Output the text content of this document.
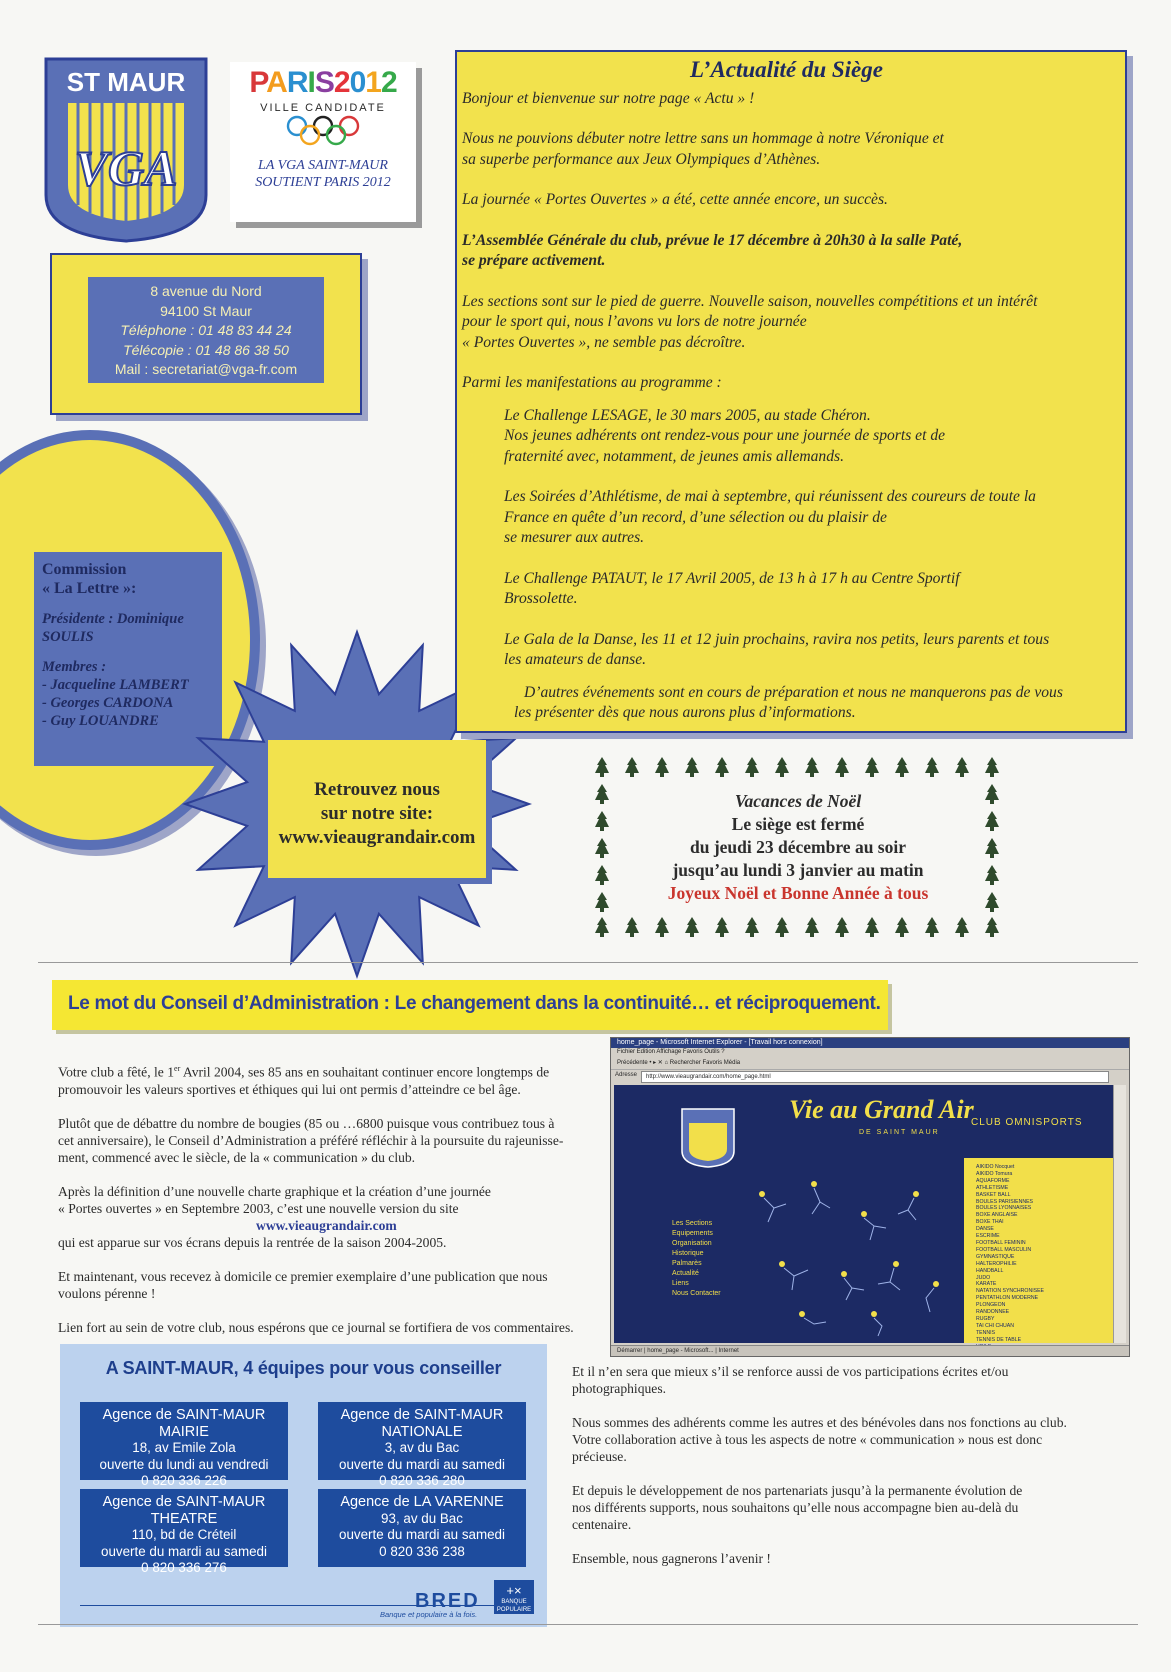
ST MAUR
VGA
PARIS2012
VILLE CANDIDATE
LA VGA SAINT-MAUR
SOUTIENT PARIS 2012
8 avenue du Nord
94100 St Maur
Téléphone : 01 48 83 44 24
Télécopie : 01 48 86 38 50
Mail : secretariat@vga-fr.com
Commission
« La Lettre »:
Présidente : Dominique
SOULIS
Membres :
- Jacqueline LAMBERT
- Georges CARDONA
- Guy LOUANDRE
Retrouvez nous
sur notre site:
www.vieaugrandair.com
L’Actualité du Siège

Bonjour et bienvenue sur notre page « Actu » !

Nous ne pouvions débuter notre lettre sans un hommage à notre Véronique et
sa superbe performance aux Jeux Olympiques d’Athènes.

La journée « Portes Ouvertes » a été, cette année encore, un succès.

L’Assemblée Générale du club, prévue le 17 décembre à 20h30 à la salle Paté,
se prépare activement.

Les sections sont sur le pied de guerre. Nouvelle saison, nouvelles compétitions et un intérêt
pour le sport qui, nous l’avons vu lors de notre journée
« Portes Ouvertes », ne semble pas décroître.

Parmi les manifestations au programme :

Le Challenge LESAGE, le 30 mars 2005, au stade Chéron.
Nos jeunes adhérents ont rendez-vous pour une journée de sports et de
fraternité avec, notamment, de jeunes amis allemands.

Les Soirées d’Athlétisme, de mai à septembre, qui réunissent des coureurs de toute la
France en quête d’un record, d’une sélection ou du plaisir de
se mesurer aux autres.

Le Challenge PATAUT, le 17 Avril 2005, de 13 h à 17 h au Centre Sportif
Brossolette.

Le Gala de la Danse, les 11 et 12 juin prochains, ravira nos petits, leurs parents et tous
les amateurs de danse.

D’autres événements sont en cours de préparation et nous ne manquerons pas de vous
les présenter dès que nous aurons plus d’informations.

Vacances de Noël
Le siège est fermé
du jeudi 23 décembre au soir
jusqu’au lundi 3 janvier au matin
Joyeux Noël et Bonne Année à tous
Le mot du Conseil d’Administration : Le changement dans la continuité… et réciproquement.

Votre club a fêté, le 1er Avril 2004, ses 85 ans en souhaitant continuer encore longtemps de
promouvoir les valeurs sportives et éthiques qui lui ont permis d’atteindre ce bel âge.

Plutôt que de débattre du nombre de bougies (85 ou …6800 puisque vous contribuez tous à
cet anniversaire), le Conseil d’Administration a préféré réfléchir à la poursuite du rajeunisse-
ment, commencé avec le siècle, de la « communication » du club.

Après la définition d’une nouvelle charte graphique et la création d’une journée
« Portes ouvertes » en Septembre 2003, c’est une nouvelle version du site
www.vieaugrandair.com
qui est apparue sur vos écrans depuis la rentrée de la saison 2004-2005.

Et maintenant, vous recevez à domicile ce premier exemplaire d’une publication que nous
voulons pérenne !

Lien fort au sein de votre club, nous espérons que ce journal se fortifiera de vos commentaires.

Et il n’en sera que mieux s’il se renforce aussi de vos participations écrites et/ou
photographiques.

Nous sommes des adhérents comme les autres et des bénévoles dans nos fonctions au club.
Votre collaboration active à tous les aspects de notre « communication » nous est donc
précieuse.

Et depuis le développement de nos partenariats jusqu’à la permanente évolution de
nos différents supports, nous souhaitons qu’elle nous accompagne bien au-delà du
centenaire.

Ensemble, nous gagnerons l’avenir !

home_page - Microsoft Internet Explorer - [Travail hors connexion]
Fichier Edition Affichage Favoris Outils ?
Précédente • ▸ ✕ ⌂ Rechercher Favoris Média
Adresse	http://www.vieaugrandair.com/home_page.html
Vie au Grand Air
DE SAINT MAUR
CLUB OMNISPORTS
Les Sections
Equipements
Organisation
Historique
Palmarès
Actualité
Liens
Nous Contacter
AIKIDO Nocquet
AIKIDO Tomura
AQUAFORME
ATHLETISME
BASKET BALL
BOULES PARISIENNES
BOULES LYONNAISES
BOXE ANGLAISE
BOXE THAI
DANSE
ESCRIME
FOOTBALL FEMININ
FOOTBALL MASCULIN
GYMNASTIQUE
HALTEROPHILIE
HANDBALL
JUDO
KARATE
NATATION SYNCHRONISEE
PENTATHLON MODERNE
PLONGEON
RANDONNEE
RUGBY
TAI CHI CHUAN
TENNIS
TENNIS DE TABLE
Démarrer | home_page - Microsoft... | Internet
A SAINT-MAUR, 4 équipes pour vous conseiller
Agence de SAINT-MAUR MAIRIE
18, av Emile Zola
ouverte du lundi au vendredi
0 820 336 226
Agence de SAINT-MAUR NATIONALE
3, av du Bac
ouverte du mardi au samedi
0 820 336 280
Agence de SAINT-MAUR THEATRE
110, bd de Créteil
ouverte du mardi au samedi
0 820 336 276
Agence de LA VARENNE
93, av du Bac
ouverte du mardi au samedi
0 820 336 238
BRED	+×
BANQUE POPULAIRE
Banque et populaire à la fois.
